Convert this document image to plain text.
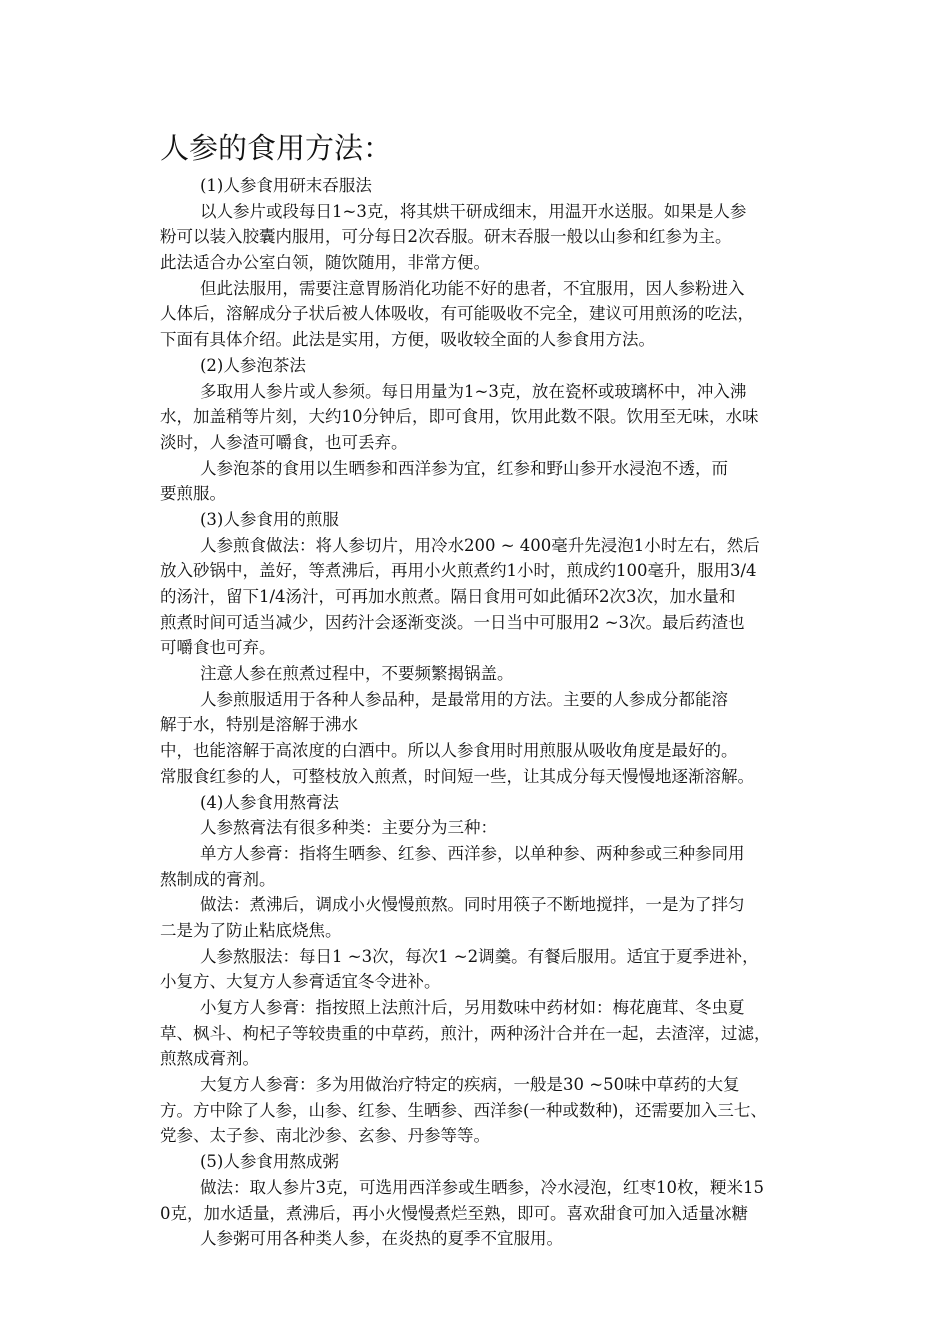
人参的食用方法：
(1)人参食用研末吞服法
以人参片或段每日1~3克，将其烘干研成细末，用温开水送服。如果是人参
粉可以装入胶囊内服用，可分每日2次吞服。研末吞服一般以山参和红参为主。
此法适合办公室白领，随饮随用，非常方便。
但此法服用，需要注意胃肠消化功能不好的患者，不宜服用，因人参粉进入
人体后，溶解成分子状后被人体吸收，有可能吸收不完全，建议可用煎汤的吃法，
下面有具体介绍。此法是实用，方便，吸收较全面的人参食用方法。
(2)人参泡茶法
多取用人参片或人参须。每日用量为1~3克，放在瓷杯或玻璃杯中，冲入沸
水，加盖稍等片刻，大约10分钟后，即可食用，饮用此数不限。饮用至无味，水味
淡时，人参渣可嚼食，也可丢弃。
人参泡茶的食用以生晒参和西洋参为宜，红参和野山参开水浸泡不透，而
要煎服。
(3)人参食用的煎服
人参煎食做法：将人参切片，用冷水200 ~ 400毫升先浸泡1小时左右，然后
放入砂锅中，盖好，等煮沸后，再用小火煎煮约1小时，煎成约100毫升，服用3/4
的汤汁，留下1/4汤汁，可再加水煎煮。隔日食用可如此循环2次3次，加水量和
煎煮时间可适当减少，因药汁会逐渐变淡。一日当中可服用2 ~3次。最后药渣也
可嚼食也可弃。
注意人参在煎煮过程中，不要频繁揭锅盖。
人参煎服适用于各种人参品种，是最常用的方法。主要的人参成分都能溶
解于水，特别是溶解于沸水
中，也能溶解于高浓度的白酒中。所以人参食用时用煎服从吸收角度是最好的。
常服食红参的人，可整枝放入煎煮，时间短一些，让其成分每天慢慢地逐渐溶解。
(4)人参食用熬膏法
人参熬膏法有很多种类：主要分为三种：
单方人参膏：指将生晒参、红参、西洋参，以单种参、两种参或三种参同用
熬制成的膏剂。
做法：煮沸后，调成小火慢慢煎熬。同时用筷子不断地搅拌，一是为了拌匀
二是为了防止粘底烧焦。
人参熬服法：每日1 ~3次，每次1 ~2调羹。有餐后服用。适宜于夏季进补，
小复方、大复方人参膏适宜冬令进补。
小复方人参膏：指按照上法煎汁后，另用数味中药材如：梅花鹿茸、冬虫夏
草、枫斗、枸杞子等较贵重的中草药，煎汁，两种汤汁合并在一起，去渣滓，过滤，
煎熬成膏剂。
大复方人参膏：多为用做治疗特定的疾病，一般是30 ~50味中草药的大复
方。方中除了人参，山参、红参、生晒参、西洋参(一种或数种)，还需要加入三七、
党参、太子参、南北沙参、玄参、丹参等等。
(5)人参食用熬成粥
做法：取人参片3克，可选用西洋参或生晒参，冷水浸泡，红枣10枚，粳米15
0克，加水适量，煮沸后，再小火慢慢煮烂至熟，即可。喜欢甜食可加入适量冰糖
人参粥可用各种类人参，在炎热的夏季不宜服用。
